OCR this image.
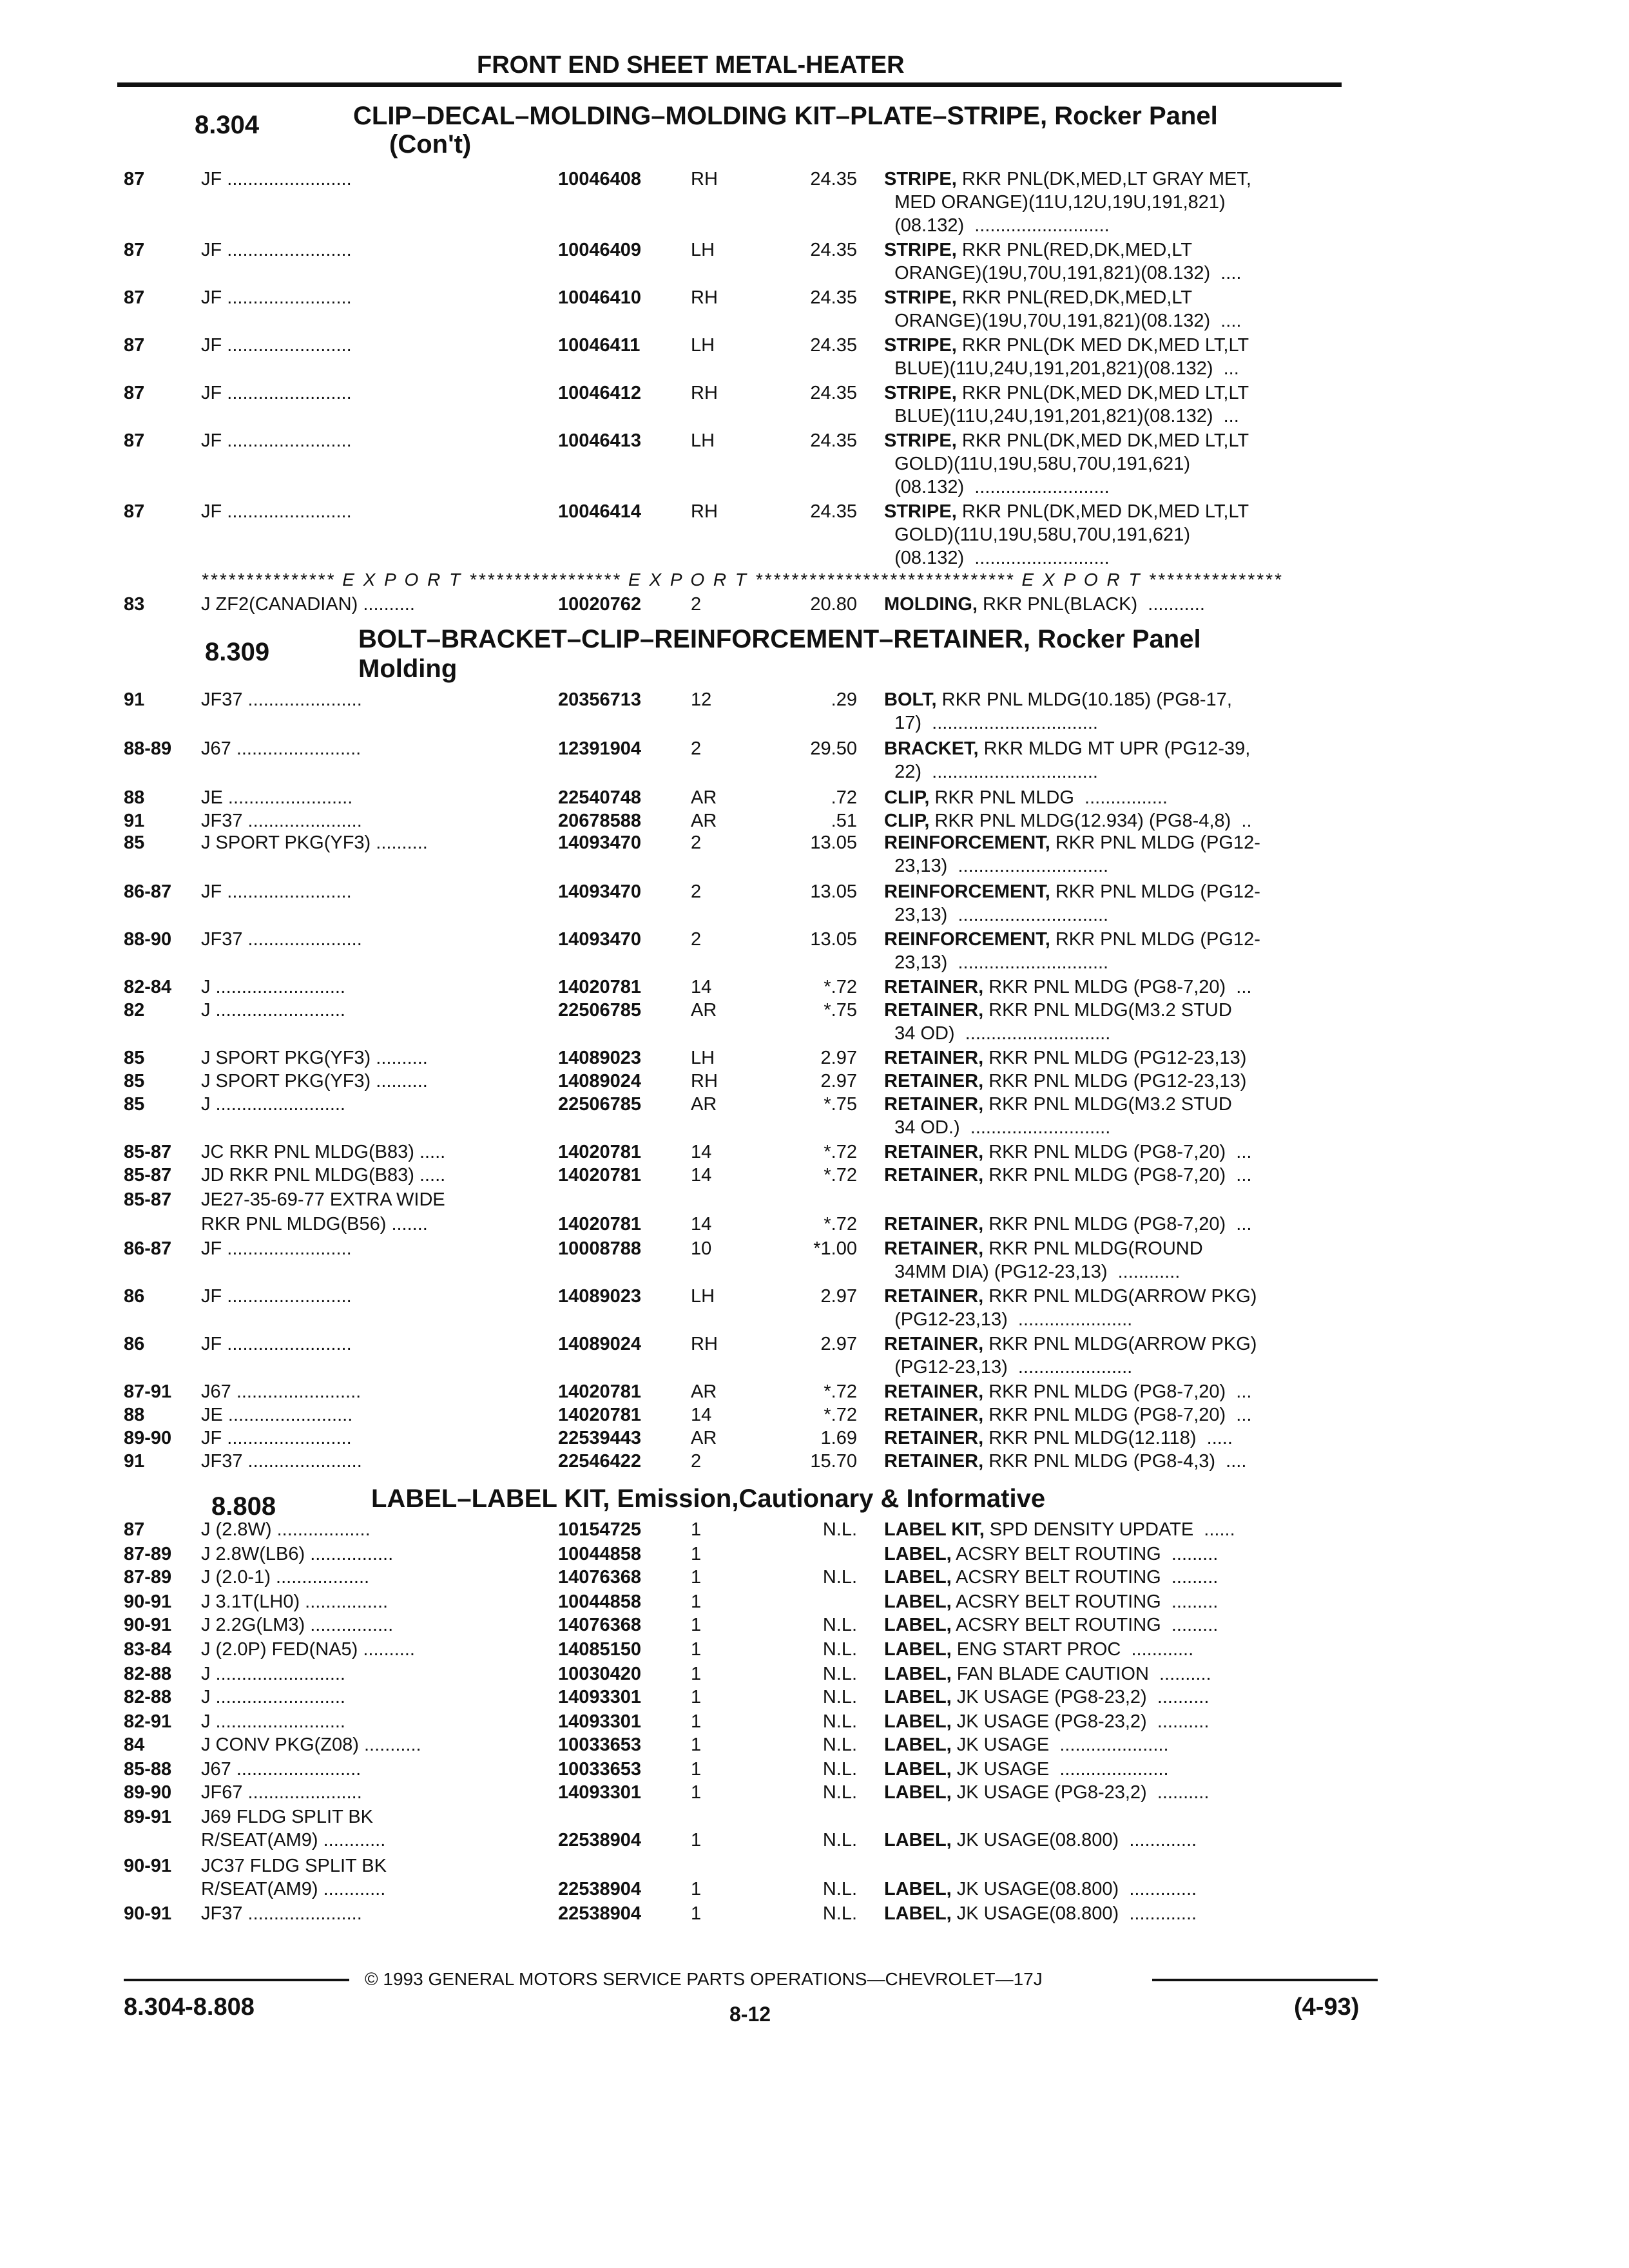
FRONT END SHEET METAL-HEATER
8.304	CLIP–DECAL–MOLDING–MOLDING KIT–PLATE–STRIPE, Rocker Panel
(Con't)
*************** E X P O R T ***************** E X P O R T ***************************** E X P O R T ***************
8.309	BOLT–BRACKET–CLIP–REINFORCEMENT–RETAINER, Rocker Panel
Molding
8.808	LABEL–LABEL KIT, Emission,Cautionary & Informative
87	JF ........................	10046408	RH	24.35 STRIPE, RKR PNL(DK,MED,LT GRAY MET,
MED ORANGE)(11U,12U,19U,191,821)
(08.132)  ..........................
87	JF ........................	10046409	LH	24.35 STRIPE, RKR PNL(RED,DK,MED,LT
ORANGE)(19U,70U,191,821)(08.132)  ....
87	JF ........................	10046410	RH	24.35 STRIPE, RKR PNL(RED,DK,MED,LT
ORANGE)(19U,70U,191,821)(08.132)  ....
87	JF ........................	10046411	LH	24.35 STRIPE, RKR PNL(DK MED DK,MED LT,LT
BLUE)(11U,24U,191,201,821)(08.132)  ...
87	JF ........................	10046412	RH	24.35 STRIPE, RKR PNL(DK,MED DK,MED LT,LT
BLUE)(11U,24U,191,201,821)(08.132)  ...
87	JF ........................	10046413	LH	24.35 STRIPE, RKR PNL(DK,MED DK,MED LT,LT
GOLD)(11U,19U,58U,70U,191,621)
(08.132)  ..........................
87	JF ........................	10046414	RH	24.35 STRIPE, RKR PNL(DK,MED DK,MED LT,LT
GOLD)(11U,19U,58U,70U,191,621)
(08.132)  ..........................
83	J ZF2(CANADIAN) ..........	10020762	2	20.80 MOLDING, RKR PNL(BLACK)  ...........
91	JF37 ......................	20356713	12	.29 BOLT, RKR PNL MLDG(10.185) (PG8-17,
17)  ................................
88-89 J67 ........................	12391904	2	29.50 BRACKET, RKR MLDG MT UPR (PG12-39,
22)  ................................
88	JE ........................	22540748	AR	.72 CLIP, RKR PNL MLDG  ................
91	JF37 ......................	20678588	AR	.51 CLIP, RKR PNL MLDG(12.934) (PG8-4,8)  ..
85	J SPORT PKG(YF3) ..........	14093470	2	13.05 REINFORCEMENT, RKR PNL MLDG (PG12-
23,13)  .............................
86-87 JF ........................	14093470	2	13.05 REINFORCEMENT, RKR PNL MLDG (PG12-
23,13)  .............................
88-90 JF37 ......................	14093470	2	13.05 REINFORCEMENT, RKR PNL MLDG (PG12-
23,13)  .............................
82-84 J .........................	14020781	14	*.72 RETAINER, RKR PNL MLDG (PG8-7,20)  ...
82	J .........................	22506785	AR	*.75 RETAINER, RKR PNL MLDG(M3.2 STUD
34 OD)  ............................
85	J SPORT PKG(YF3) ..........	14089023	LH	2.97 RETAINER, RKR PNL MLDG (PG12-23,13)
85	J SPORT PKG(YF3) ..........	14089024	RH	2.97 RETAINER, RKR PNL MLDG (PG12-23,13)
85	J .........................	22506785	AR	*.75 RETAINER, RKR PNL MLDG(M3.2 STUD
34 OD.)  ...........................
85-87 JC RKR PNL MLDG(B83) .....	14020781	14	*.72 RETAINER, RKR PNL MLDG (PG8-7,20)  ...
85-87 JD RKR PNL MLDG(B83) .....	14020781	14	*.72 RETAINER, RKR PNL MLDG (PG8-7,20)  ...
85-87 JE27-35-69-77 EXTRA WIDE
RKR PNL MLDG(B56) .......	14020781	14	*.72 RETAINER, RKR PNL MLDG (PG8-7,20)  ...
86-87 JF ........................	10008788	10	*1.00 RETAINER, RKR PNL MLDG(ROUND
34MM DIA) (PG12-23,13)  ............
86	JF ........................	14089023	LH	2.97 RETAINER, RKR PNL MLDG(ARROW PKG)
(PG12-23,13)  ......................
86	JF ........................	14089024	RH	2.97 RETAINER, RKR PNL MLDG(ARROW PKG)
(PG12-23,13)  ......................
87-91 J67 ........................	14020781	AR	*.72 RETAINER, RKR PNL MLDG (PG8-7,20)  ...
88	JE ........................	14020781	14	*.72 RETAINER, RKR PNL MLDG (PG8-7,20)  ...
89-90 JF ........................	22539443	AR	1.69 RETAINER, RKR PNL MLDG(12.118)  .....
91	JF37 ......................	22546422	2	15.70 RETAINER, RKR PNL MLDG (PG8-4,3)  ....
87	J (2.8W) ..................	10154725	1	N.L. LABEL KIT, SPD DENSITY UPDATE  ......
87-89 J 2.8W(LB6) ................	10044858	1	LABEL, ACSRY BELT ROUTING  .........
87-89 J (2.0-1) ..................	14076368	1	N.L. LABEL, ACSRY BELT ROUTING  .........
90-91 J 3.1T(LH0) ................	10044858	1	LABEL, ACSRY BELT ROUTING  .........
90-91 J 2.2G(LM3) ................	14076368	1	N.L. LABEL, ACSRY BELT ROUTING  .........
83-84 J (2.0P) FED(NA5) ..........	14085150	1	N.L. LABEL, ENG START PROC  ............
82-88 J .........................	10030420	1	N.L. LABEL, FAN BLADE CAUTION  ..........
82-88 J .........................	14093301	1	N.L. LABEL, JK USAGE (PG8-23,2)  ..........
82-91 J .........................	14093301	1	N.L. LABEL, JK USAGE (PG8-23,2)  ..........
84	J CONV PKG(Z08) ...........	10033653	1	N.L. LABEL, JK USAGE  .....................
85-88 J67 ........................	10033653	1	N.L. LABEL, JK USAGE  .....................
89-90 JF67 ......................	14093301	1	N.L. LABEL, JK USAGE (PG8-23,2)  ..........
89-91 J69 FLDG SPLIT BK
R/SEAT(AM9) ............	22538904	1	N.L. LABEL, JK USAGE(08.800)  .............
90-91 JC37 FLDG SPLIT BK
R/SEAT(AM9) ............	22538904	1	N.L. LABEL, JK USAGE(08.800)  .............
90-91 JF37 ......................	22538904	1	N.L. LABEL, JK USAGE(08.800)  .............
© 1993 GENERAL MOTORS SERVICE PARTS OPERATIONS—CHEVROLET—17J
8.304-8.808	8-12	(4-93)
